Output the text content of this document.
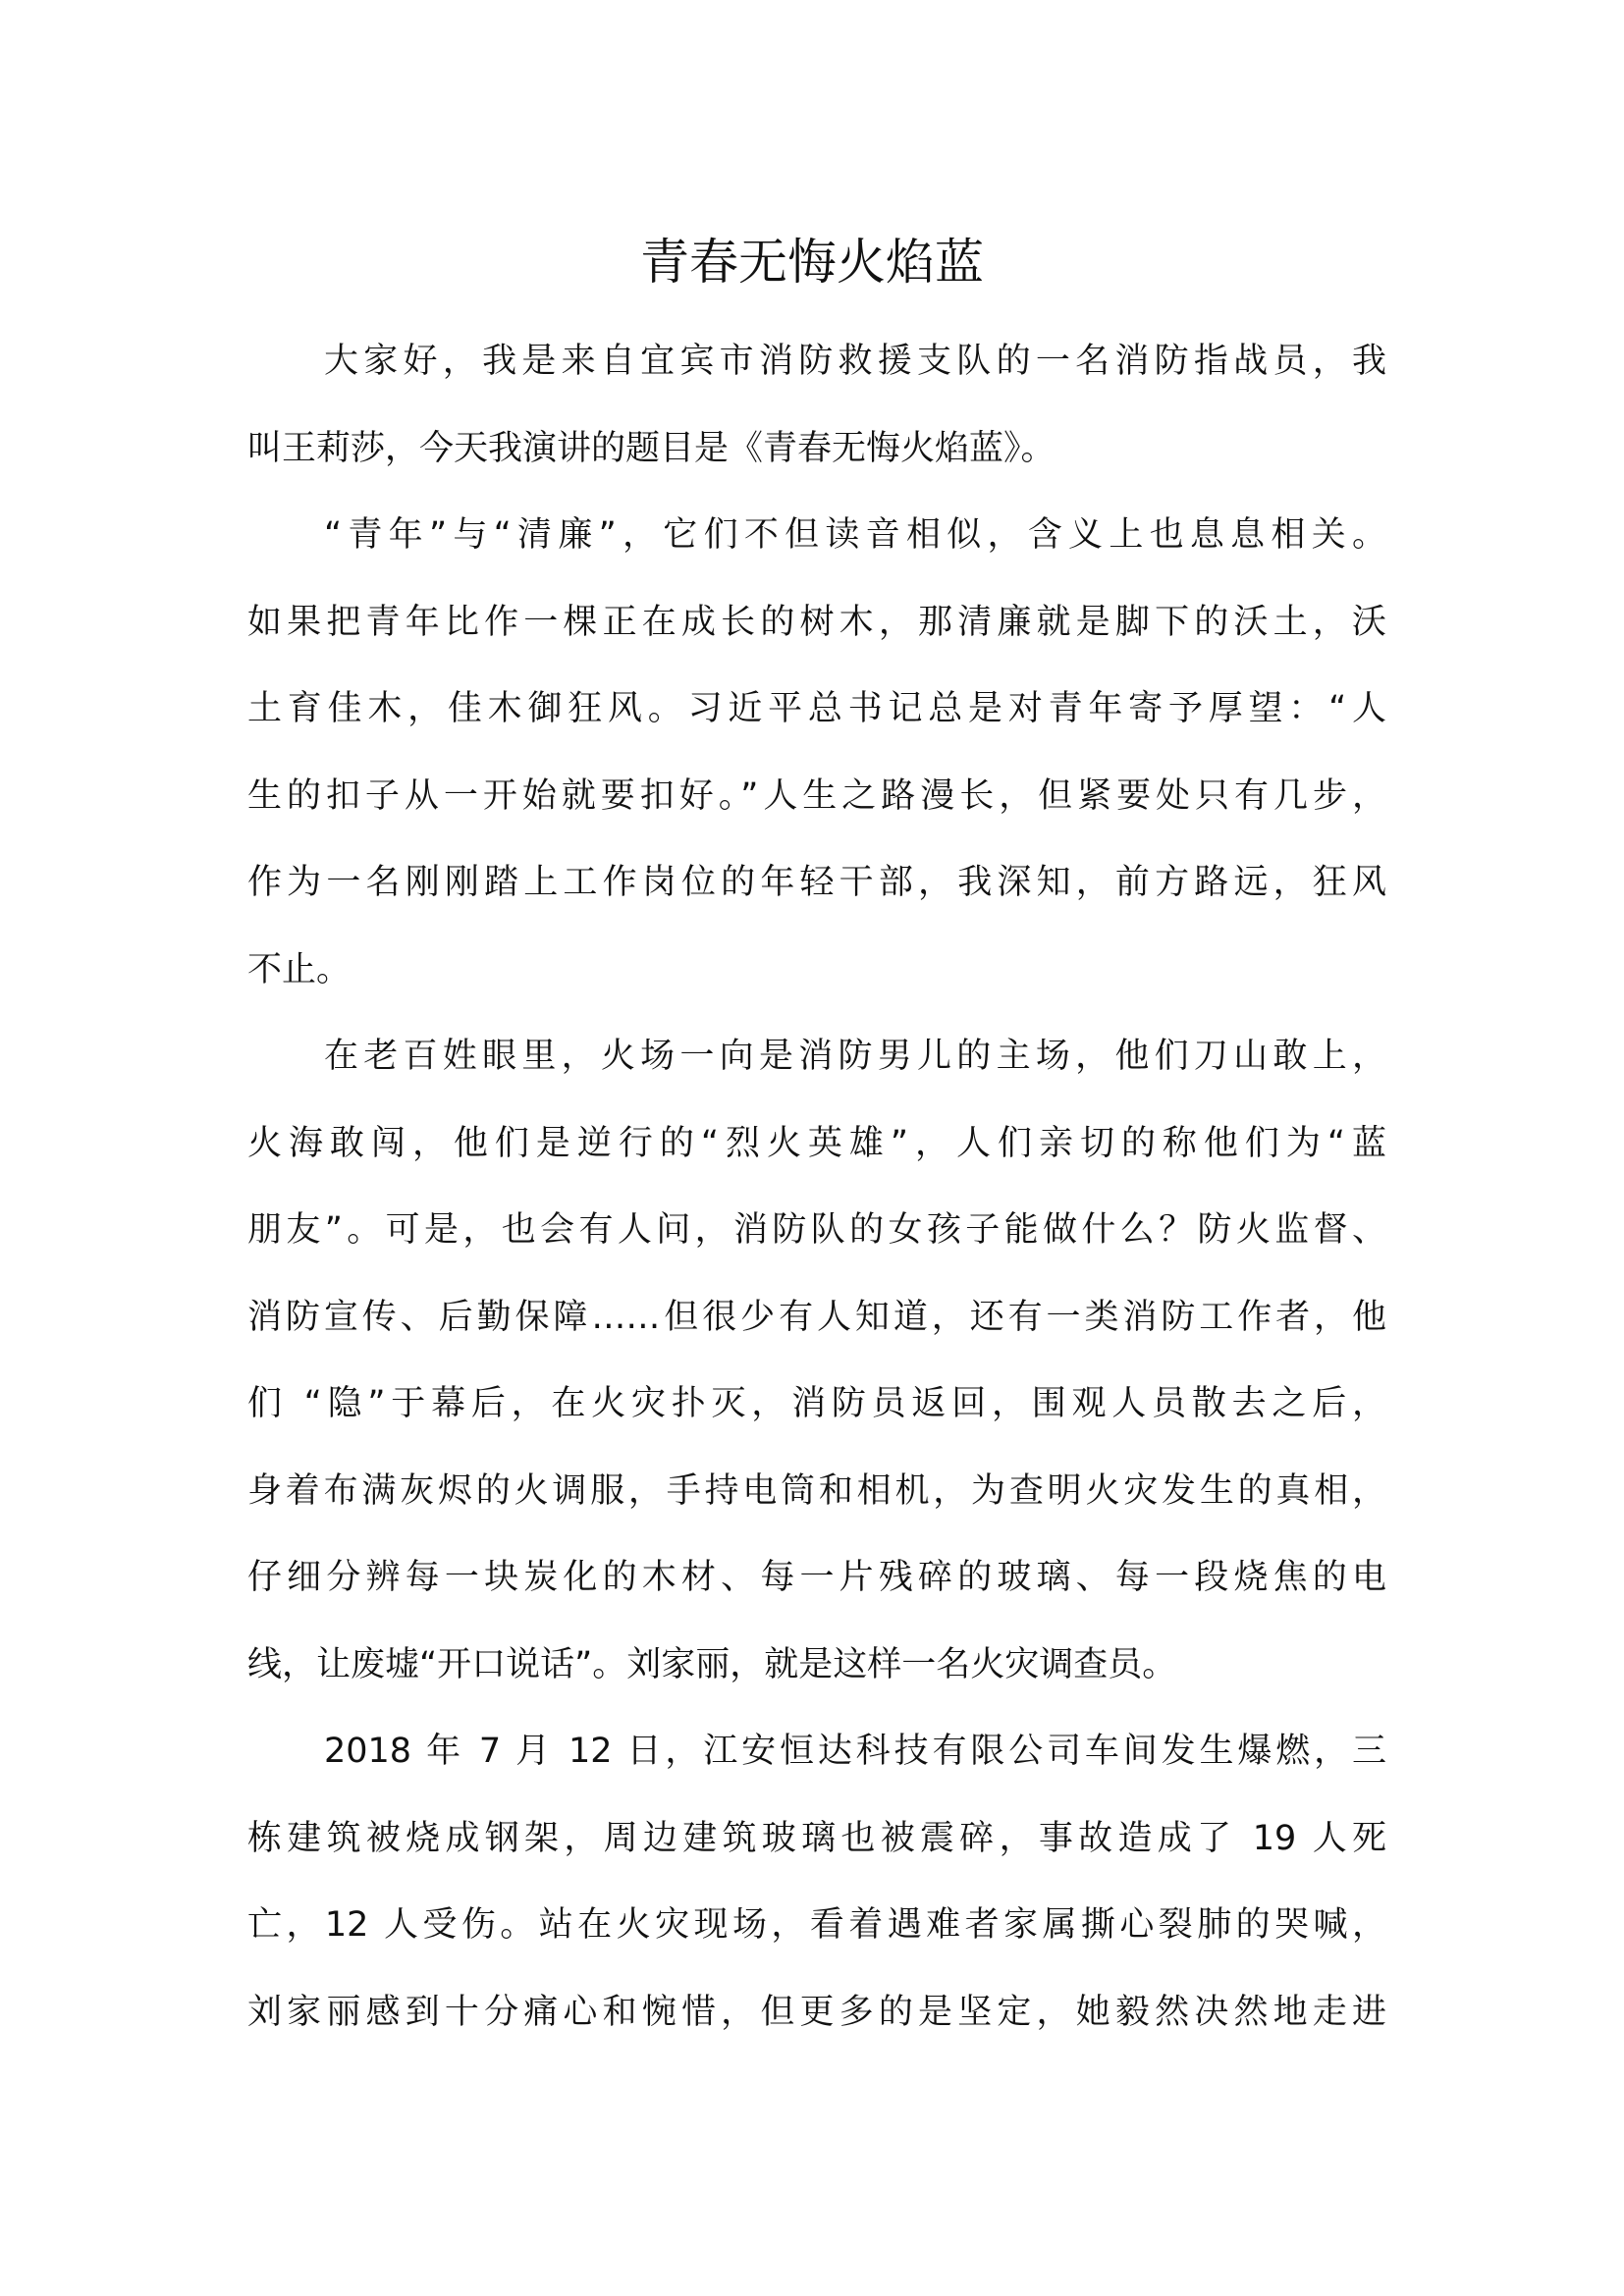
青春无悔火焰蓝
大家好，我是来自宜宾市消防救援支队的一名消防指战员，我
叫王莉莎，今天我演讲的题目是《青春无悔火焰蓝》。
“青年”与“清廉”，它们不但读音相似，含义上也息息相关。
如果把青年比作一棵正在成长的树木，那清廉就是脚下的沃土，沃
土育佳木，佳木御狂风。习近平总书记总是对青年寄予厚望：“人
生的扣子从一开始就要扣好。”人生之路漫长，但紧要处只有几步，
作为一名刚刚踏上工作岗位的年轻干部，我深知，前方路远，狂风
不止。
在老百姓眼里，火场一向是消防男儿的主场，他们刀山敢上，
火海敢闯，他们是逆行的“烈火英雄”，人们亲切的称他们为“蓝
朋友”。可是，也会有人问，消防队的女孩子能做什么？防火监督、
消防宣传、后勤保障……但很少有人知道，还有一类消防工作者，他
们 “隐”于幕后，在火灾扑灭，消防员返回，围观人员散去之后，
身着布满灰烬的火调服，手持电筒和相机，为查明火灾发生的真相，
仔细分辨每一块炭化的木材、每一片残碎的玻璃、每一段烧焦的电
线，让废墟“开口说话”。刘家丽，就是这样一名火灾调查员。
2018 年 7 月 12 日，江安恒达科技有限公司车间发生爆燃，三
栋建筑被烧成钢架，周边建筑玻璃也被震碎，事故造成了 19 人死
亡，12 人受伤。站在火灾现场，看着遇难者家属撕心裂肺的哭喊，
刘家丽感到十分痛心和惋惜，但更多的是坚定，她毅然决然地走进
